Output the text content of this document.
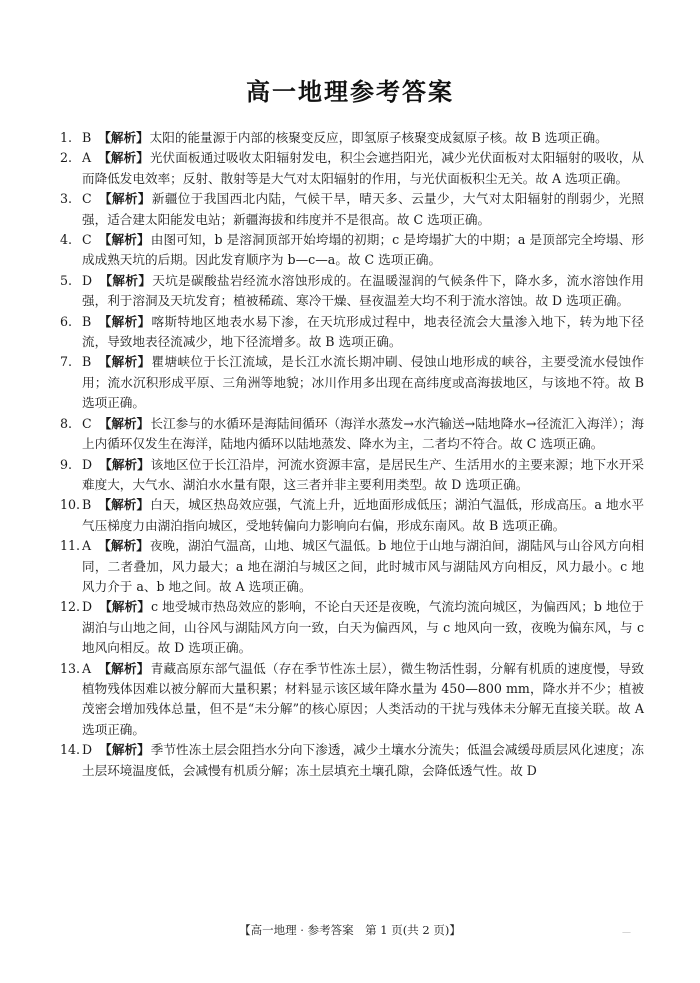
高一地理参考答案

1. B 【解析】太阳的能量源于内部的核聚变反应，即氢原子核聚变成氦原子核。故 B 选项正确。

2. A 【解析】光伏面板通过吸收太阳辐射发电，积尘会遮挡阳光，减少光伏面板对太阳辐射的吸收，从而降低发电效率；反射、散射等是大气对太阳辐射的作用，与光伏面板积尘无关。故 A 选项正确。

3. C 【解析】新疆位于我国西北内陆，气候干旱，晴天多、云量少，大气对太阳辐射的削弱少，光照强，适合建太阳能发电站；新疆海拔和纬度并不是很高。故 C 选项正确。

4. C 【解析】由图可知，b 是溶洞顶部开始垮塌的初期；c 是垮塌扩大的中期；a 是顶部完全垮塌、形成成熟天坑的后期。因此发育顺序为 b—c—a。故 C 选项正确。

5. D 【解析】天坑是碳酸盐岩经流水溶蚀形成的。在温暖湿润的气候条件下，降水多，流水溶蚀作用强，利于溶洞及天坑发育；植被稀疏、寒冷干燥、昼夜温差大均不利于流水溶蚀。故 D 选项正确。

6. B 【解析】喀斯特地区地表水易下渗，在天坑形成过程中，地表径流会大量渗入地下，转为地下径流，导致地表径流减少，地下径流增多。故 B 选项正确。

7. B 【解析】瞿塘峡位于长江流域，是长江水流长期冲刷、侵蚀山地形成的峡谷，主要受流水侵蚀作用；流水沉积形成平原、三角洲等地貌；冰川作用多出现在高纬度或高海拔地区，与该地不符。故 B 选项正确。

8. C 【解析】长江参与的水循环是海陆间循环（海洋水蒸发→水汽输送→陆地降水→径流汇入海洋）；海上内循环仅发生在海洋，陆地内循环以陆地蒸发、降水为主，二者均不符合。故 C 选项正确。

9. D 【解析】该地区位于长江沿岸，河流水资源丰富，是居民生产、生活用水的主要来源；地下水开采难度大，大气水、湖泊水水量有限，这三者并非主要利用类型。故 D 选项正确。

10. B 【解析】白天，城区热岛效应强，气流上升，近地面形成低压；湖泊气温低，形成高压。a 地水平气压梯度力由湖泊指向城区，受地转偏向力影响向右偏，形成东南风。故 B 选项正确。

11. A 【解析】夜晚，湖泊气温高，山地、城区气温低。b 地位于山地与湖泊间，湖陆风与山谷风方向相同，二者叠加，风力最大；a 地在湖泊与城区之间，此时城市风与湖陆风方向相反，风力最小。c 地风力介于 a、b 地之间。故 A 选项正确。

12. D 【解析】c 地受城市热岛效应的影响，不论白天还是夜晚，气流均流向城区，为偏西风；b 地位于湖泊与山地之间，山谷风与湖陆风方向一致，白天为偏西风，与 c 地风向一致，夜晚为偏东风，与 c 地风向相反。故 D 选项正确。

13. A 【解析】青藏高原东部气温低（存在季节性冻土层），微生物活性弱，分解有机质的速度慢，导致植物残体因难以被分解而大量积累；材料显示该区域年降水量为 450—800 mm，降水并不少；植被茂密会增加残体总量，但不是“未分解”的核心原因；人类活动的干扰与残体未分解无直接关联。故 A 选项正确。

14. D 【解析】季节性冻土层会阻挡水分向下渗透，减少土壤水分流失；低温会减缓母质层风化速度；冻土层环境温度低，会减慢有机质分解；冻土层填充土壤孔隙，会降低透气性。故 D

【高一地理 · 参考答案　第 1 页(共 2 页)】	—
